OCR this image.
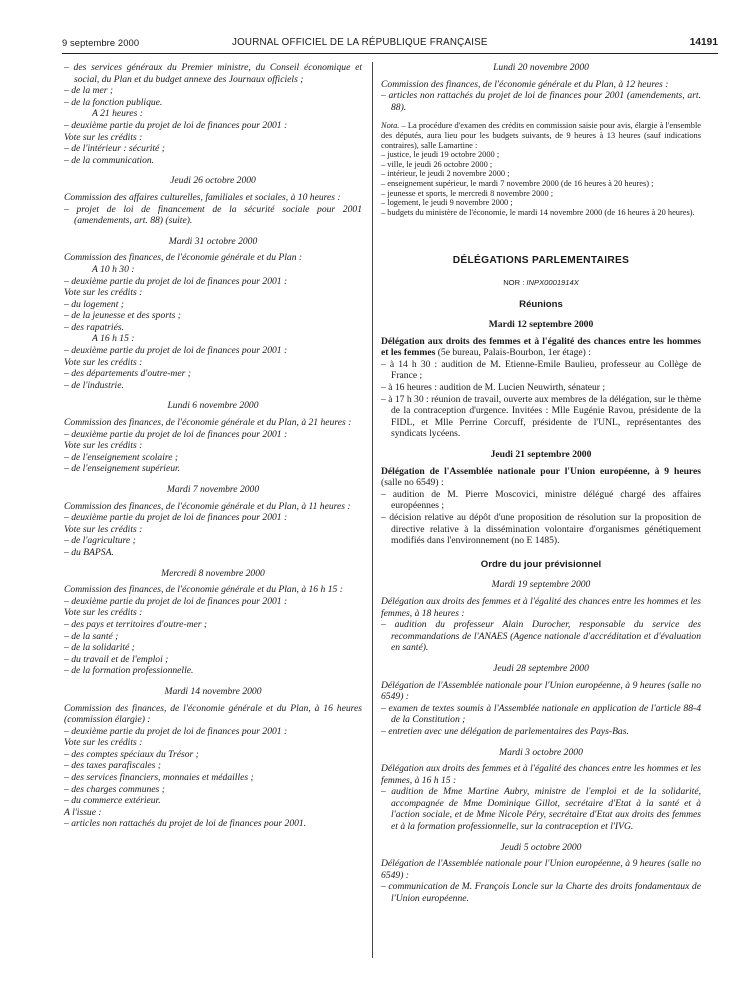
9 septembre 2000	JOURNAL OFFICIEL DE LA RÉPUBLIQUE FRANÇAISE	14191
– des services généraux du Premier ministre, du Conseil économique et social, du Plan et du budget annexe des Journaux officiels ;
– de la mer ;
– de la fonction publique.
A 21 heures :
– deuxième partie du projet de loi de finances pour 2001 :
Vote sur les crédits :
– de l'intérieur : sécurité ;
– de la communication.
Jeudi 26 octobre 2000
Commission des affaires culturelles, familiales et sociales, à 10 heures :
– projet de loi de financement de la sécurité sociale pour 2001 (amendements, art. 88) (suite).
Mardi 31 octobre 2000
Commission des finances, de l'économie générale et du Plan :
A 10 h 30 :
– deuxième partie du projet de loi de finances pour 2001 :
Vote sur les crédits :
– du logement ;
– de la jeunesse et des sports ;
– des rapatriés.
A 16 h 15 :
– deuxième partie du projet de loi de finances pour 2001 :
Vote sur les crédits :
– des départements d'outre-mer ;
– de l'industrie.
Lundi 6 novembre 2000
Commission des finances, de l'économie générale et du Plan, à 21 heures :
– deuxième partie du projet de loi de finances pour 2001 :
Vote sur les crédits :
– de l'enseignement scolaire ;
– de l'enseignement supérieur.
Mardi 7 novembre 2000
Commission des finances, de l'économie générale et du Plan, à 11 heures :
– deuxième partie du projet de loi de finances pour 2001 :
Vote sur les crédits :
– de l'agriculture ;
– du BAPSA.
Mercredi 8 novembre 2000
Commission des finances, de l'économie générale et du Plan, à 16 h 15 :
– deuxième partie du projet de loi de finances pour 2001 :
Vote sur les crédits :
– des pays et territoires d'outre-mer ;
– de la santé ;
– de la solidarité ;
– du travail et de l'emploi ;
– de la formation professionnelle.
Mardi 14 novembre 2000
Commission des finances, de l'économie générale et du Plan, à 16 heures (commission élargie) :
– deuxième partie du projet de loi de finances pour 2001 :
Vote sur les crédits :
– des comptes spéciaux du Trésor ;
– des taxes parafiscales ;
– des services financiers, monnaies et médailles ;
– des charges communes ;
– du commerce extérieur.
A l'issue :
– articles non rattachés du projet de loi de finances pour 2001.
Lundi 20 novembre 2000
Commission des finances, de l'économie générale et du Plan, à 12 heures :
– articles non rattachés du projet de loi de finances pour 2001 (amendements, art. 88).
Nota. – La procédure d'examen des crédits en commission saisie pour avis, élargie à l'ensemble des députés, aura lieu pour les budgets suivants, de 9 heures à 13 heures (sauf indications contraires), salle Lamartine :
– justice, le jeudi 19 octobre 2000 ;
– ville, le jeudi 26 octobre 2000 ;
– intérieur, le jeudi 2 novembre 2000 ;
– enseignement supérieur, le mardi 7 novembre 2000 (de 16 heures à 20 heures) ;
– jeunesse et sports, le mercredi 8 novembre 2000 ;
– logement, le jeudi 9 novembre 2000 ;
– budgets du ministère de l'économie, le mardi 14 novembre 2000 (de 16 heures à 20 heures).
DÉLÉGATIONS PARLEMENTAIRES
NOR : INPX0001914X
Réunions
Mardi 12 septembre 2000
Délégation aux droits des femmes et à l'égalité des chances entre les hommes et les femmes (5e bureau, Palais-Bourbon, 1er étage) :
– à 14 h 30 : audition de M. Etienne-Emile Baulieu, professeur au Collège de France ;
– à 16 heures : audition de M. Lucien Neuwirth, sénateur ;
– à 17 h 30 : réunion de travail, ouverte aux membres de la délégation, sur le thème de la contraception d'urgence. Invitées : Mlle Eugénie Ravou, présidente de la FIDL, et Mlle Perrine Corcuff, présidente de l'UNL, représentantes des syndicats lycéens.
Jeudi 21 septembre 2000
Délégation de l'Assemblée nationale pour l'Union européenne, à 9 heures (salle no 6549) :
– audition de M. Pierre Moscovici, ministre délégué chargé des affaires européennes ;
– décision relative au dépôt d'une proposition de résolution sur la proposition de directive relative à la dissémination volontaire d'organismes génétiquement modifiés dans l'environnement (no E 1485).
Ordre du jour prévisionnel
Mardi 19 septembre 2000
Délégation aux droits des femmes et à l'égalité des chances entre les hommes et les femmes, à 18 heures :
– audition du professeur Alain Durocher, responsable du service des recommandations de l'ANAES (Agence nationale d'accréditation et d'évaluation en santé).
Jeudi 28 septembre 2000
Délégation de l'Assemblée nationale pour l'Union européenne, à 9 heures (salle no 6549) :
– examen de textes soumis à l'Assemblée nationale en application de l'article 88-4 de la Constitution ;
– entretien avec une délégation de parlementaires des Pays-Bas.
Mardi 3 octobre 2000
Délégation aux droits des femmes et à l'égalité des chances entre les hommes et les femmes, à 16 h 15 :
– audition de Mme Martine Aubry, ministre de l'emploi et de la solidarité, accompagnée de Mme Dominique Gillot, secrétaire d'Etat à la santé et à l'action sociale, et de Mme Nicole Péry, secrétaire d'Etat aux droits des femmes et à la formation professionnelle, sur la contraception et l'IVG.
Jeudi 5 octobre 2000
Délégation de l'Assemblée nationale pour l'Union européenne, à 9 heures (salle no 6549) :
– communication de M. François Loncle sur la Charte des droits fondamentaux de l'Union européenne.
